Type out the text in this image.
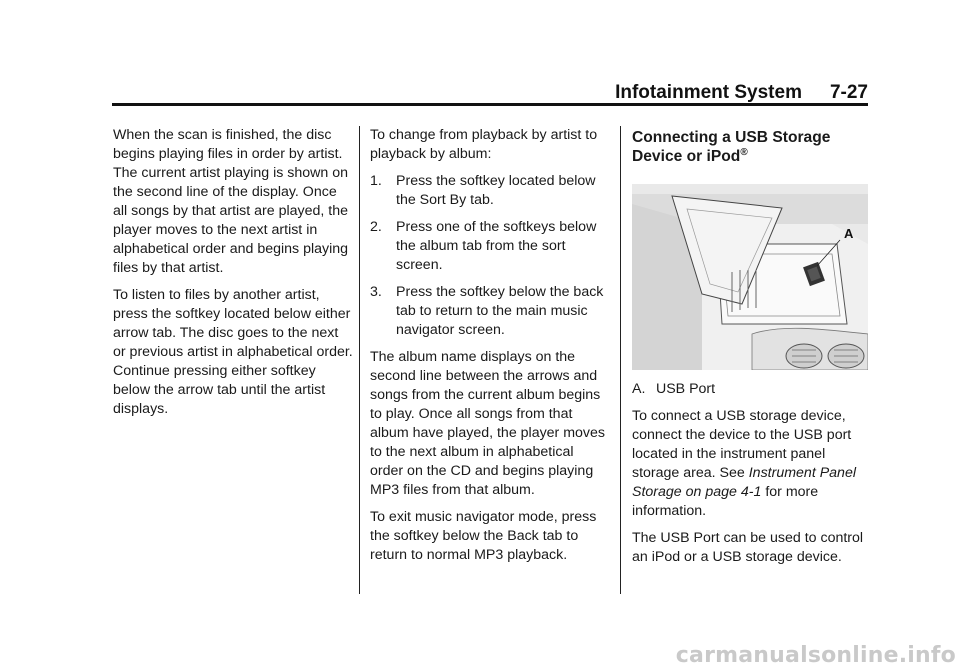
Infotainment System 7-27

When the scan is finished, the disc begins playing files in order by artist. The current artist playing is shown on the second line of the display. Once all songs by that artist are played, the player moves to the next artist in alphabetical order and begins playing files by that artist.

To listen to files by another artist, press the softkey located below either arrow tab. The disc goes to the next or previous artist in alphabetical order. Continue pressing either softkey below the arrow tab until the artist displays.

To change from playback by artist to playback by album:

1. Press the softkey located below the Sort By tab.

2. Press one of the softkeys below the album tab from the sort screen.

3. Press the softkey below the back tab to return to the main music navigator screen.

The album name displays on the second line between the arrows and songs from the current album begins to play. Once all songs from that album have played, the player moves to the next album in alphabetical order on the CD and begins playing MP3 files from that album.

To exit music navigator mode, press the softkey below the Back tab to return to normal MP3 playback.

Connecting a USB Storage
Device or iPod®
A

A. USB Port

To connect a USB storage device, connect the device to the USB port located in the instrument panel storage area. See Instrument Panel Storage on page 4-1 for more information.

The USB Port can be used to control an iPod or a USB storage device.

carmanualsonline.info
